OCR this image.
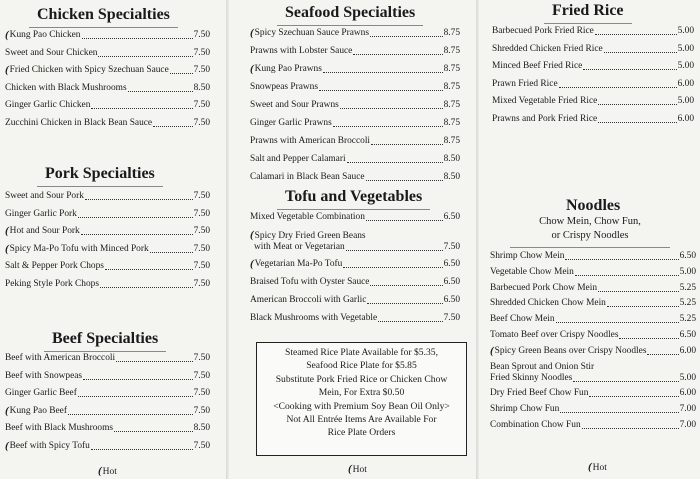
Chicken Specialties
Pork Specialties
Beef Specialties
(Hot
( Kung Pao Chicken	7.50
Sweet and Sour Chicken	7.50
( Fried Chicken with Spicy Szechuan Sauce	7.50
Chicken with Black Mushrooms	8.50
Ginger Garlic Chicken	7.50
Zucchini Chicken in Black Bean Sauce	7.50
Sweet and Sour Pork	7.50
Ginger Garlic Pork	7.50
( Hot and Sour Pork	7.50
( Spicy Ma-Po Tofu with Minced Pork	7.50
Salt & Pepper Pork Chops	7.50
Peking Style Pork Chops	7.50
Beef with American Broccoli	7.50
Beef with Snowpeas	7.50
Ginger Garlic Beef	7.50
( Kung Pao Beef	7.50
Beef with Black Mushrooms	8.50
( Beef with Spicy Tofu	7.50
Seafood Specialties
Tofu and Vegetables
Steamed Rice Plate Available for $5.35,
Seafood Rice Plate for $5.85
Substitute Pork Fried Rice or Chicken Chow
Mein, For Extra $0.50
<Cooking with Premium Soy Bean Oil Only>
Not All Entrée Items Are Available For
Rice Plate Orders
(Hot
( Spicy Szechuan Sauce Prawns	8.75
Prawns with Lobster Sauce	8.75
( Kung Pao Prawns	8.75
Snowpeas Prawns	8.75
Sweet and Sour Prawns	8.75
Ginger Garlic Prawns	8.75
Prawns with American Broccoli	8.75
Salt and Pepper Calamari	8.50
Calamari in Black Bean Sauce	8.50
Mixed Vegetable Combination	6.50
(Spicy Dry Fried Green Beans
with Meat or Vegetarian	7.50
( Vegetarian Ma-Po Tofu	6.50
Braised Tofu with Oyster Sauce	6.50
American Broccoli with Garlic	6.50
Black Mushrooms with Vegetable	7.50
Fried Rice
Noodles
Chow Mein, Chow Fun,
or Crispy Noodles
(Hot
Barbecued Pork Fried Rice	5.00
Shredded Chicken Fried Rice	5.00
Minced Beef Fried Rice	5.00
Prawn Fried Rice	6.00
Mixed Vegetable Fried Rice	5.00
Prawns and Pork Fried Rice	6.00
Shrimp Chow Mein	6.50
Vegetable Chow Mein	5.00
Barbecued Pork Chow Mein	5.25
Shredded Chicken Chow Mein	5.25
Beef Chow Mein	5.25
Tomato Beef over Crispy Noodles	6.50
( Spicy Green Beans over Crispy Noodles	6.00
Bean Sprout and Onion Stir
Fried Skinny Noodles	5.00
Dry Fried Beef Chow Fun	6.00
Shrimp Chow Fun	7.00
Combination Chow Fun	7.00
